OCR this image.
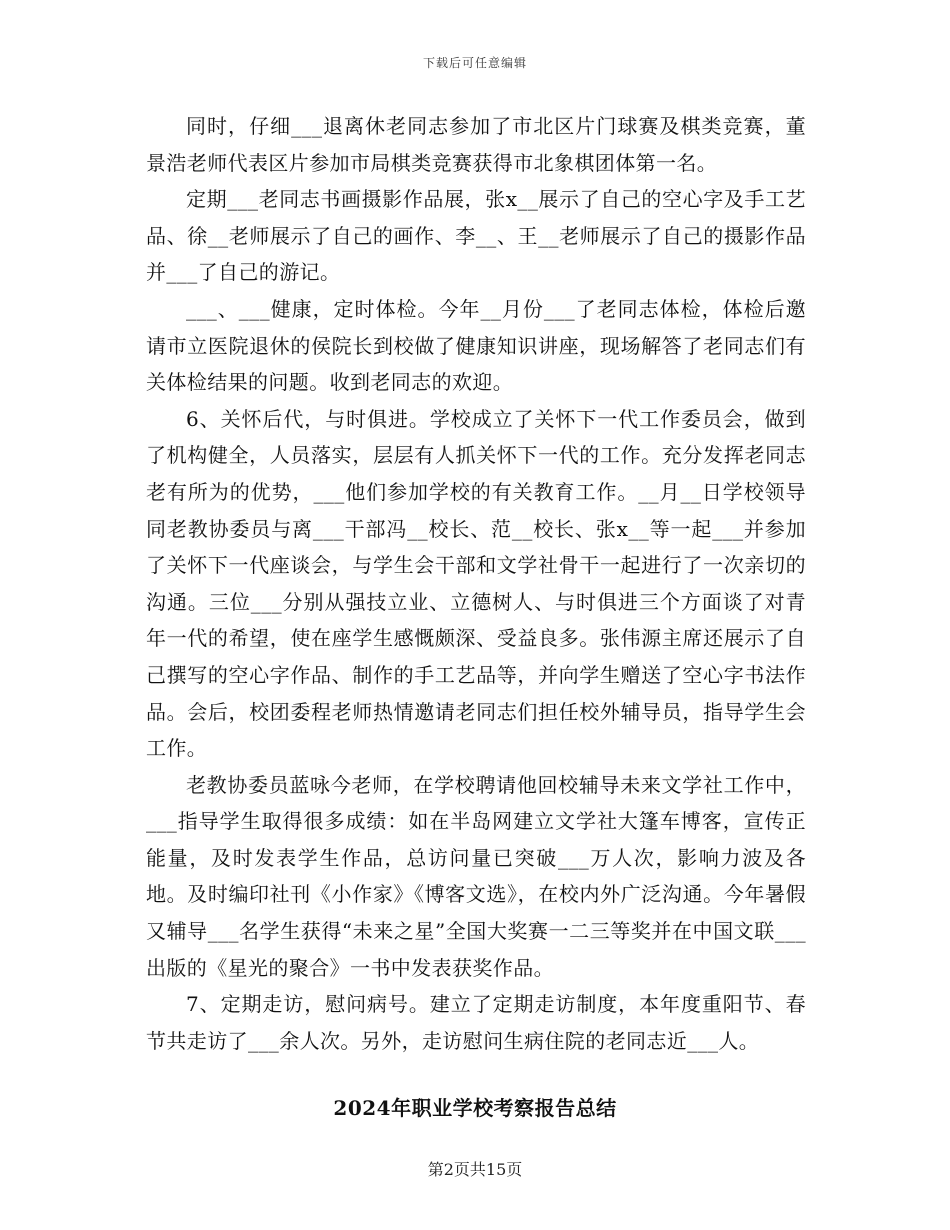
下载后可任意编辑

同时，仔细___退离休老同志参加了市北区片门球赛及棋类竞赛，董景浩老师代表区片参加市局棋类竞赛获得市北象棋团体第一名。

定期___老同志书画摄影作品展，张x__展示了自己的空心字及手工艺品、徐__老师展示了自己的画作、李__、王__老师展示了自己的摄影作品并___了自己的游记。

___、___健康，定时体检。今年__月份___了老同志体检，体检后邀请市立医院退休的侯院长到校做了健康知识讲座，现场解答了老同志们有关体检结果的问题。收到老同志的欢迎。

6、关怀后代，与时俱进。学校成立了关怀下一代工作委员会，做到了机构健全，人员落实，层层有人抓关怀下一代的工作。充分发挥老同志老有所为的优势，___他们参加学校的有关教育工作。__月__日学校领导同老教协委员与离___干部冯__校长、范__校长、张x__等一起___并参加了关怀下一代座谈会，与学生会干部和文学社骨干一起进行了一次亲切的沟通。三位___分别从强技立业、立德树人、与时俱进三个方面谈了对青年一代的希望，使在座学生感慨颇深、受益良多。张伟源主席还展示了自己撰写的空心字作品、制作的手工艺品等，并向学生赠送了空心字书法作品。会后，校团委程老师热情邀请老同志们担任校外辅导员，指导学生会工作。

老教协委员蓝咏今老师，在学校聘请他回校辅导未来文学社工作中，___指导学生取得很多成绩：如在半岛网建立文学社大篷车博客，宣传正能量，及时发表学生作品，总访问量已突破___万人次，影响力波及各地。及时编印社刊《小作家》《博客文选》，在校内外广泛沟通。今年暑假又辅导___名学生获得“未来之星”全国大奖赛一二三等奖并在中国文联___出版的《星光的聚合》一书中发表获奖作品。

7、定期走访，慰问病号。建立了定期走访制度，本年度重阳节、春节共走访了___余人次。另外，走访慰问生病住院的老同志近___人。

2024年职业学校考察报告总结
第2页共15页
